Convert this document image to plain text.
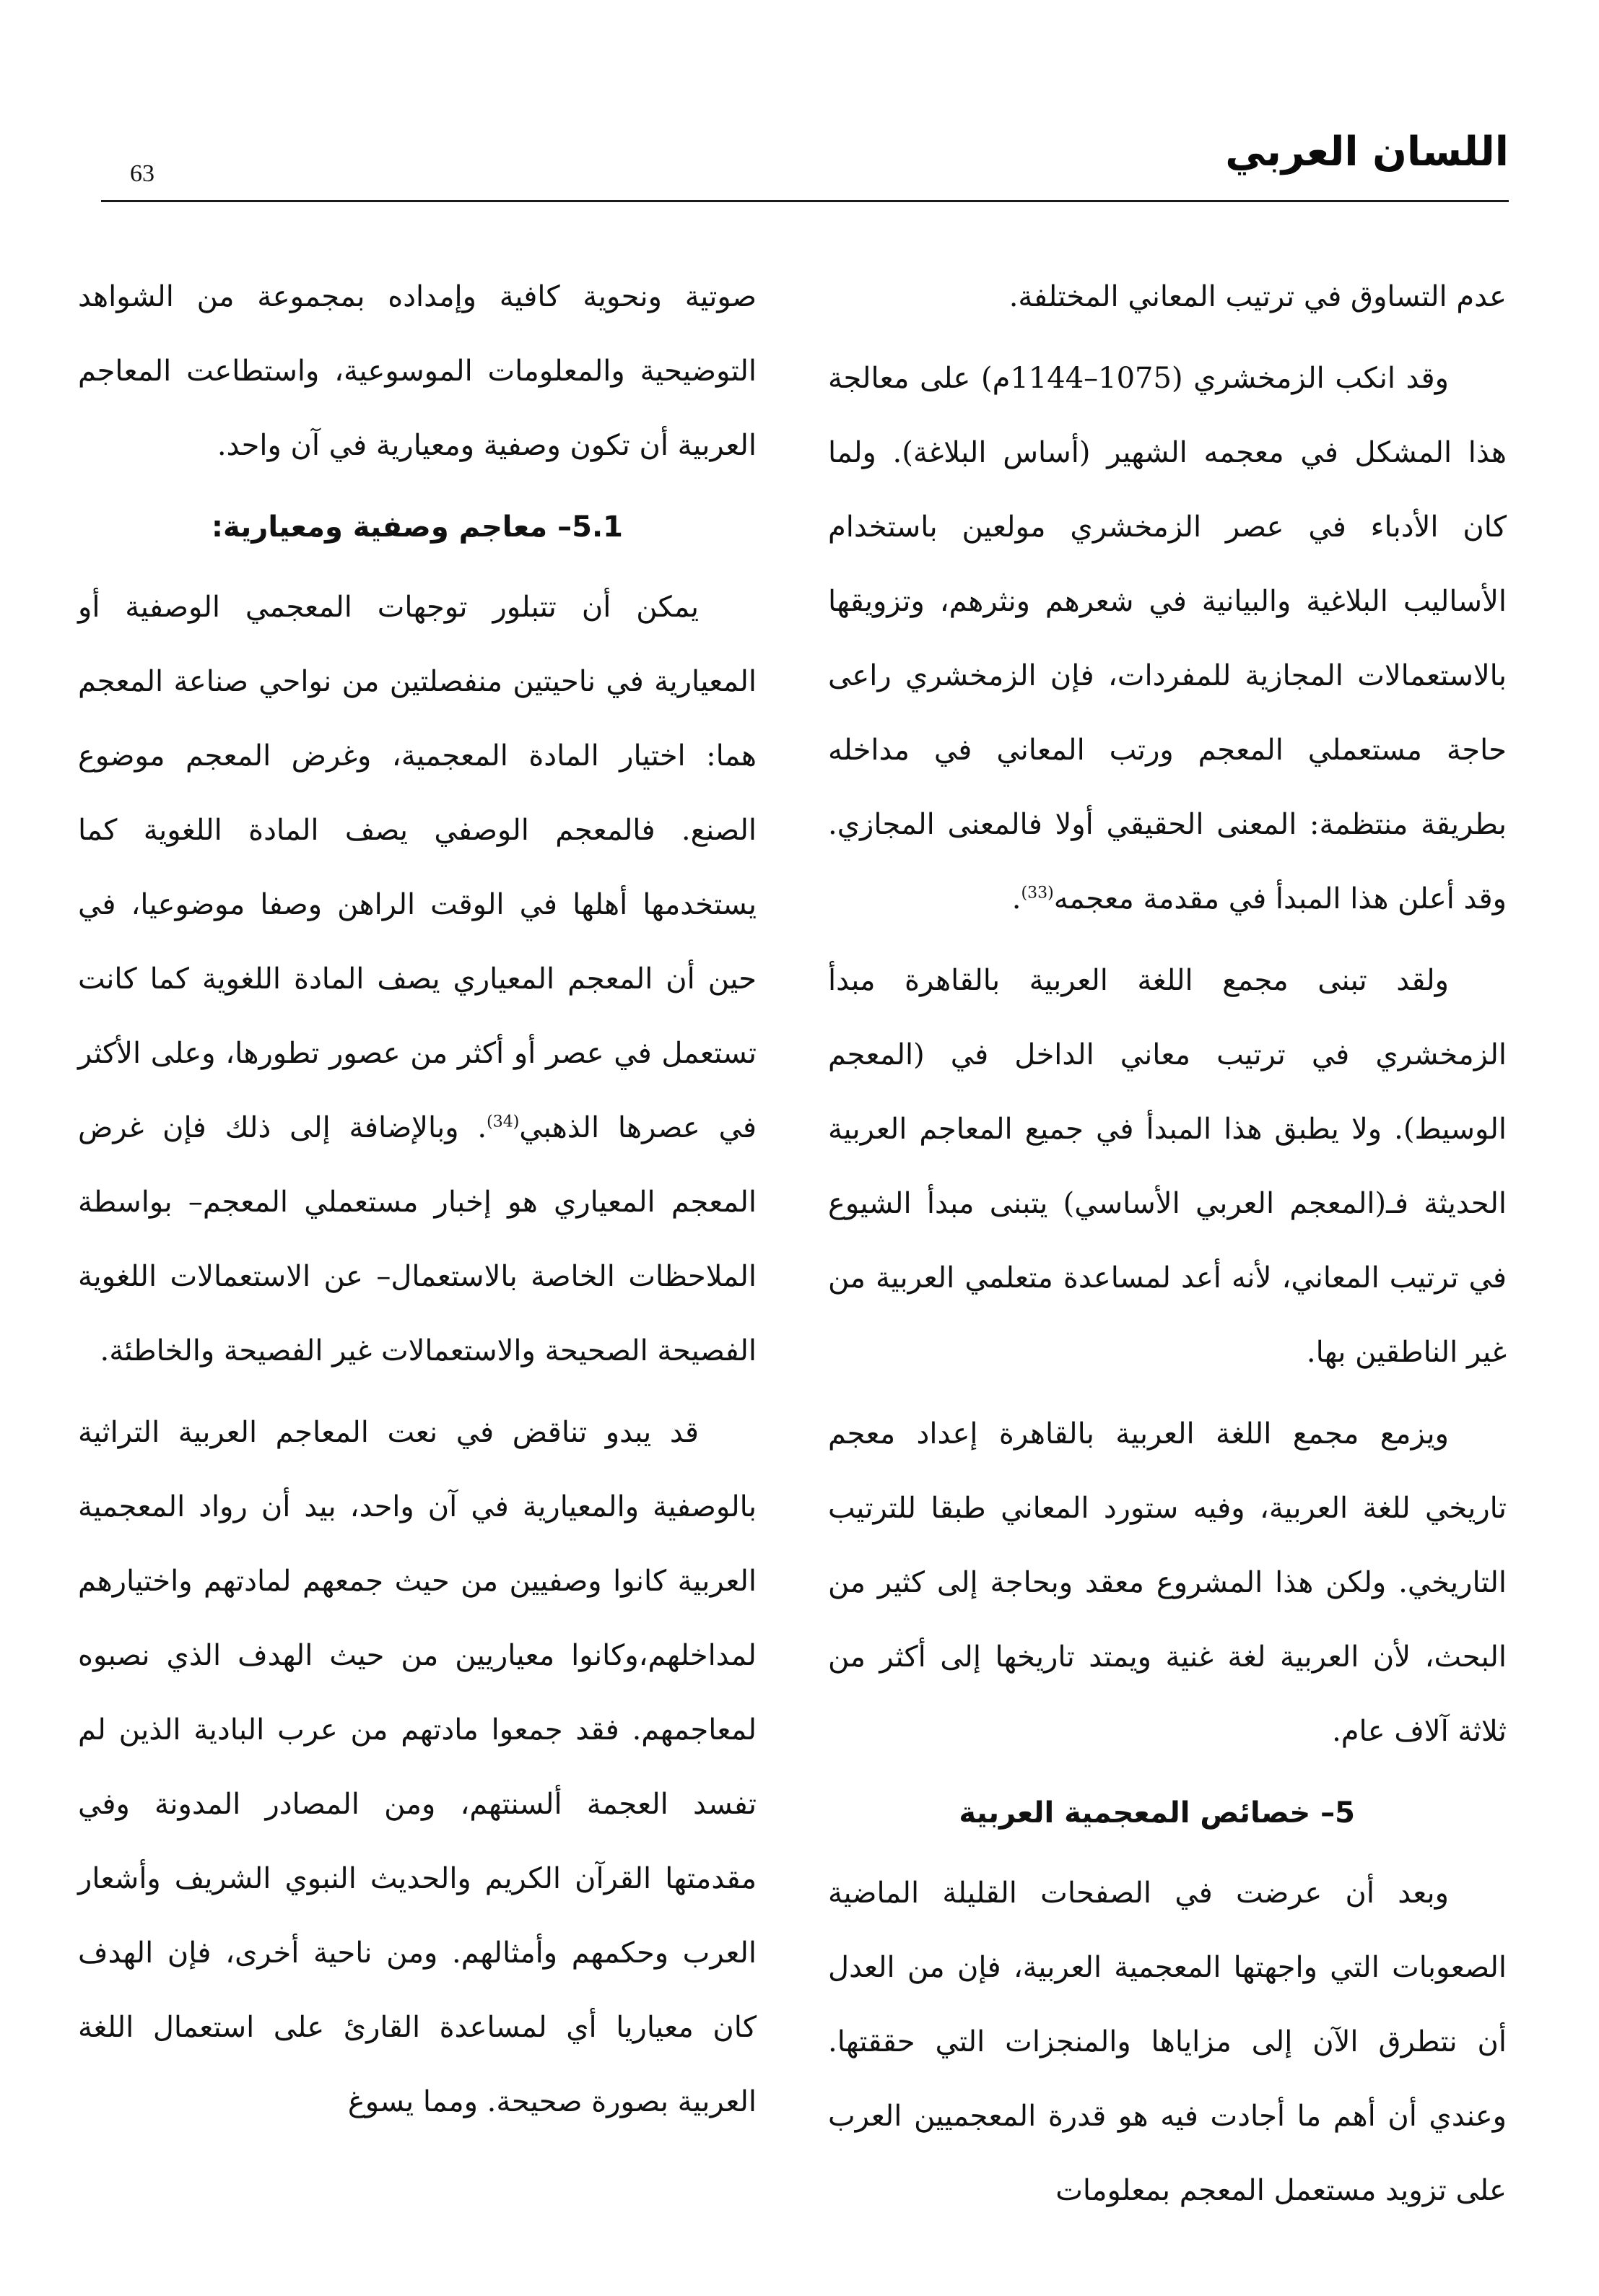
اللسان العربي
63

عدم التساوق في ترتيب المعاني المختلفة.

وقد انكب الزمخشري (1075–1144م) على معالجة هذا المشكل في معجمه الشهير (أساس البلاغة). ولما كان الأدباء في عصر الزمخشري مولعين باستخدام الأساليب البلاغية والبيانية في شعرهم ونثرهم، وتزويقها بالاستعمالات المجازية للمفردات، فإن الزمخشري راعى حاجة مستعملي المعجم ورتب المعاني في مداخله بطريقة منتظمة: المعنى الحقيقي أولا فالمعنى المجازي. وقد أعلن هذا المبدأ في مقدمة معجمه$^{(33)}$.

ولقد تبنى مجمع اللغة العربية بالقاهرة مبدأ الزمخشري في ترتيب معاني الداخل في (المعجم الوسيط). ولا يطبق هذا المبدأ في جميع المعاجم العربية الحديثة فـ(المعجم العربي الأساسي) يتبنى مبدأ الشيوع في ترتيب المعاني، لأنه أعد لمساعدة متعلمي العربية من غير الناطقين بها.

ويزمع مجمع اللغة العربية بالقاهرة إعداد معجم تاريخي للغة العربية، وفيه ستورد المعاني طبقا للترتيب التاريخي. ولكن هذا المشروع معقد وبحاجة إلى كثير من البحث، لأن العربية لغة غنية ويمتد تاريخها إلى أكثر من ثلاثة آلاف عام.

5– خصائص المعجمية العربية

وبعد أن عرضت في الصفحات القليلة الماضية الصعوبات التي واجهتها المعجمية العربية، فإن من العدل أن نتطرق الآن إلى مزاياها والمنجزات التي حققتها. وعندي أن أهم ما أجادت فيه هو قدرة المعجميين العرب على تزويد مستعمل المعجم بمعلومات

صوتية ونحوية كافية وإمداده بمجموعة من الشواهد التوضيحية والمعلومات الموسوعية، واستطاعت المعاجم العربية أن تكون وصفية ومعيارية في آن واحد.

5.1– معاجم وصفية ومعيارية:

يمكن أن تتبلور توجهات المعجمي الوصفية أو المعيارية في ناحيتين منفصلتين من نواحي صناعة المعجم هما: اختيار المادة المعجمية، وغرض المعجم موضوع الصنع. فالمعجم الوصفي يصف المادة اللغوية كما يستخدمها أهلها في الوقت الراهن وصفا موضوعيا، في حين أن المعجم المعياري يصف المادة اللغوية كما كانت تستعمل في عصر أو أكثر من عصور تطورها، وعلى الأكثر في عصرها الذهبي$^{(34)}$. وبالإضافة إلى ذلك فإن غرض المعجم المعياري هو إخبار مستعملي المعجم– بواسطة الملاحظات الخاصة بالاستعمال– عن الاستعمالات اللغوية الفصيحة الصحيحة والاستعمالات غير الفصيحة والخاطئة.

قد يبدو تناقض في نعت المعاجم العربية التراثية بالوصفية والمعيارية في آن واحد، بيد أن رواد المعجمية العربية كانوا وصفيين من حيث جمعهم لمادتهم واختيارهم لمداخلهم،وكانوا معياريين من حيث الهدف الذي نصبوه لمعاجمهم. فقد جمعوا مادتهم من عرب البادية الذين لم تفسد العجمة ألسنتهم، ومن المصادر المدونة وفي مقدمتها القرآن الكريم والحديث النبوي الشريف وأشعار العرب وحكمهم وأمثالهم. ومن ناحية أخرى، فإن الهدف كان معياريا أي لمساعدة القارئ على استعمال اللغة العربية بصورة صحيحة. ومما يسوغ
